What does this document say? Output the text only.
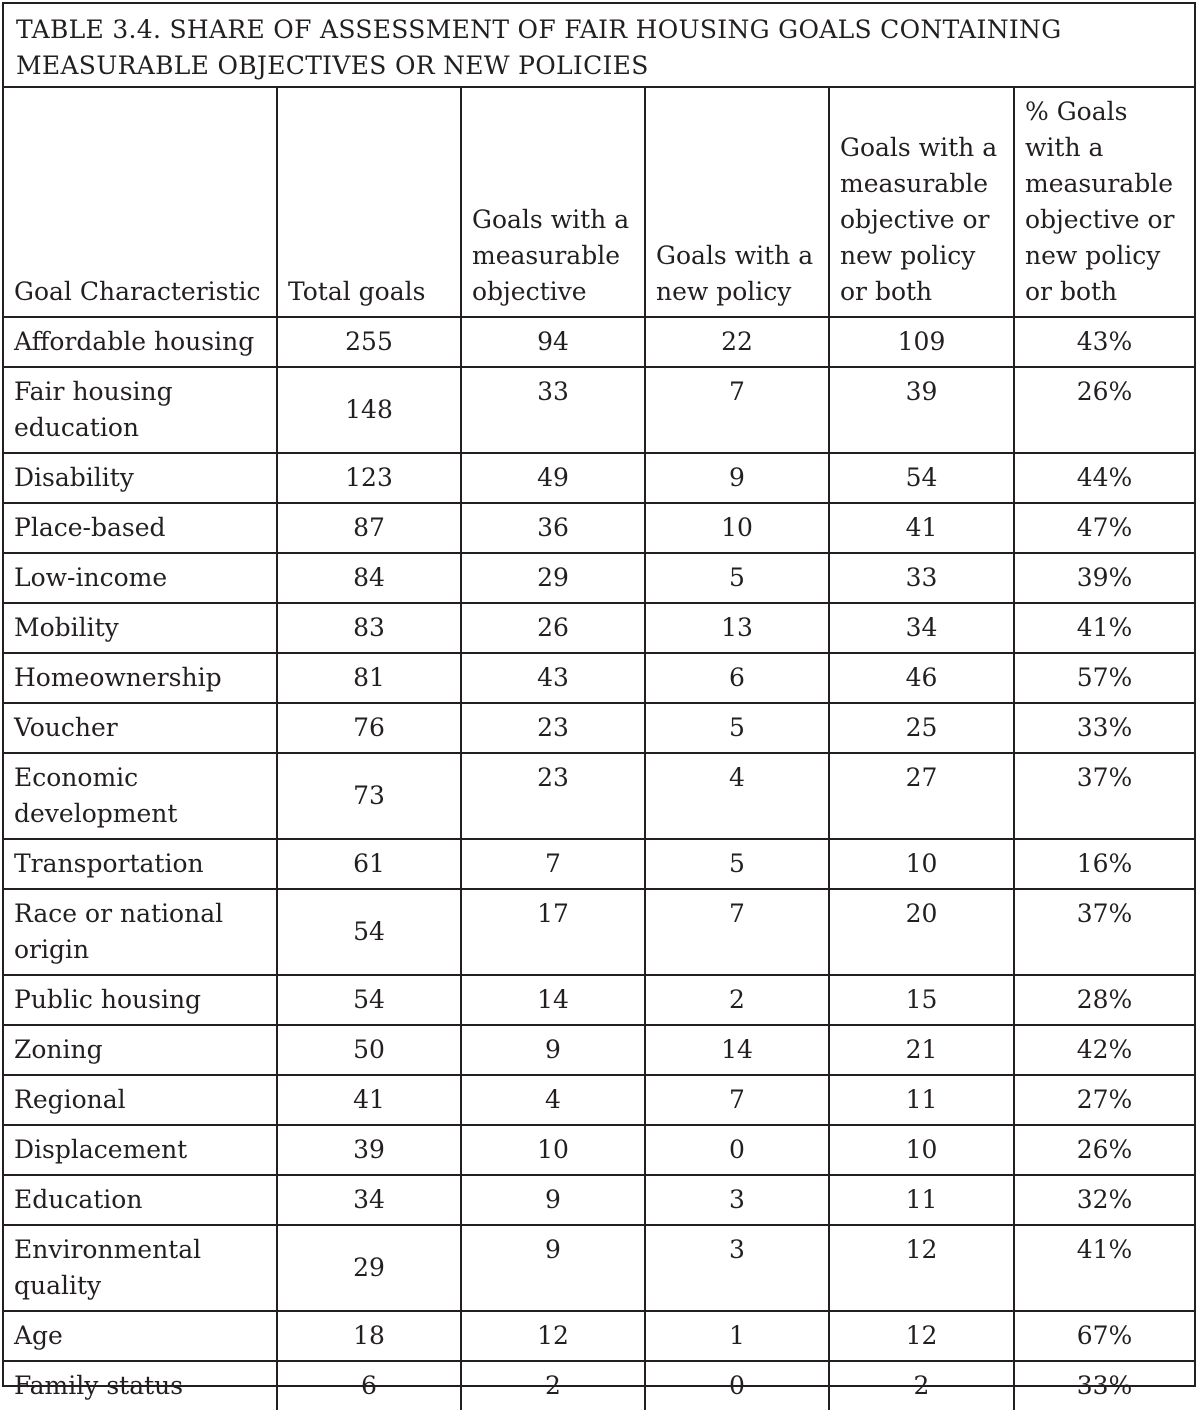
TABLE 3.4. SHARE OF ASSESSMENT OF FAIR HOUSING GOALS CONTAINING MEASURABLE OBJECTIVES OR NEW POLICIES
Goal Characteristic	Total goals	Goals with a measurable objective	Goals with a new policy	Goals with a measurable objective or new policy or both	% Goals with a measurable objective or new policy or both
Affordable housing	255	94	22	109	43%
Fair housing education	148	33	7	39	26%
Disability	123	49	9	54	44%
Place-based	87	36	10	41	47%
Low-income	84	29	5	33	39%
Mobility	83	26	13	34	41%
Homeownership	81	43	6	46	57%
Voucher	76	23	5	25	33%
Economic development	73	23	4	27	37%
Transportation	61	7	5	10	16%
Race or national origin	54	17	7	20	37%
Public housing	54	14	2	15	28%
Zoning	50	9	14	21	42%
Regional	41	4	7	11	27%
Displacement	39	10	0	10	26%
Education	34	9	3	11	32%
Environmental quality	29	9	3	12	41%
Age	18	12	1	12	67%
Family status	6	2	0	2	33%
